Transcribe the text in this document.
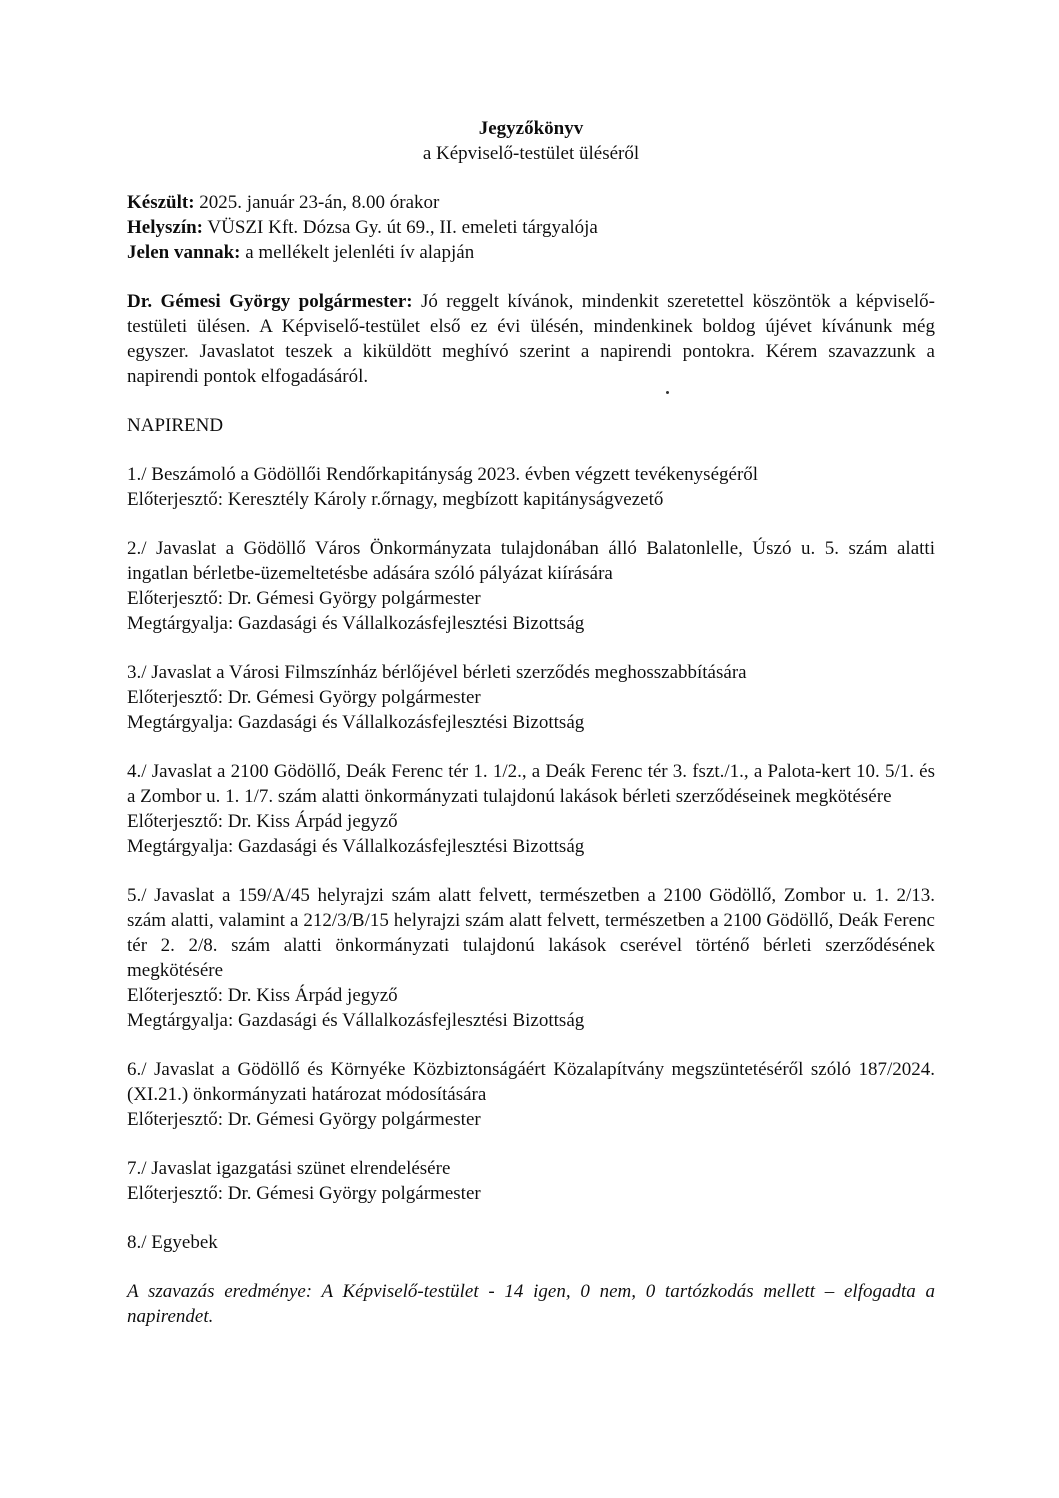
Jegyzőkönyv
a Képviselő-testület üléséről
Készült: 2025. január 23-án, 8.00 órakor
Helyszín: VÜSZI Kft. Dózsa Gy. út 69., II. emeleti tárgyalója
Jelen vannak: a mellékelt jelenléti ív alapján
Dr. Gémesi György polgármester: Jó reggelt kívánok, mindenkit szeretettel köszöntök a képviselő-testületi ülésen. A Képviselő-testület első ez évi ülésén, mindenkinek boldog újévet kívánunk még egyszer. Javaslatot teszek a kiküldött meghívó szerint a napirendi pontokra. Kérem szavazzunk a napirendi pontok elfogadásáról.
NAPIREND
1./ Beszámoló a Gödöllői Rendőrkapitányság 2023. évben végzett tevékenységéről
Előterjesztő: Keresztély Károly r.őrnagy, megbízott kapitányságvezető
2./ Javaslat a Gödöllő Város Önkormányzata tulajdonában álló Balatonlelle, Úszó u. 5. szám alatti ingatlan bérletbe-üzemeltetésbe adására szóló pályázat kiírására
Előterjesztő: Dr. Gémesi György polgármester
Megtárgyalja: Gazdasági és Vállalkozásfejlesztési Bizottság
3./ Javaslat a Városi Filmszínház bérlőjével bérleti szerződés meghosszabbítására
Előterjesztő: Dr. Gémesi György polgármester
Megtárgyalja: Gazdasági és Vállalkozásfejlesztési Bizottság
4./ Javaslat a 2100 Gödöllő, Deák Ferenc tér 1. 1/2., a Deák Ferenc tér 3. fszt./1., a Palota-kert 10. 5/1. és a Zombor u. 1. 1/7. szám alatti önkormányzati tulajdonú lakások bérleti szerződéseinek megkötésére
Előterjesztő: Dr. Kiss Árpád jegyző
Megtárgyalja: Gazdasági és Vállalkozásfejlesztési Bizottság
5./ Javaslat a 159/A/45 helyrajzi szám alatt felvett, természetben a 2100 Gödöllő, Zombor u. 1. 2/13. szám alatti, valamint a 212/3/B/15 helyrajzi szám alatt felvett, természetben a 2100 Gödöllő, Deák Ferenc tér 2. 2/8. szám alatti önkormányzati tulajdonú lakások cserével történő bérleti szerződésének megkötésére
Előterjesztő: Dr. Kiss Árpád jegyző
Megtárgyalja: Gazdasági és Vállalkozásfejlesztési Bizottság
6./ Javaslat a Gödöllő és Környéke Közbiztonságáért Közalapítvány megszüntetéséről szóló 187/2024.(XI.21.) önkormányzati határozat módosítására
Előterjesztő: Dr. Gémesi György polgármester
7./ Javaslat igazgatási szünet elrendelésére
Előterjesztő: Dr. Gémesi György polgármester
8./ Egyebek
A szavazás eredménye: A Képviselő-testület - 14 igen, 0 nem, 0 tartózkodás mellett – elfogadta a napirendet.
